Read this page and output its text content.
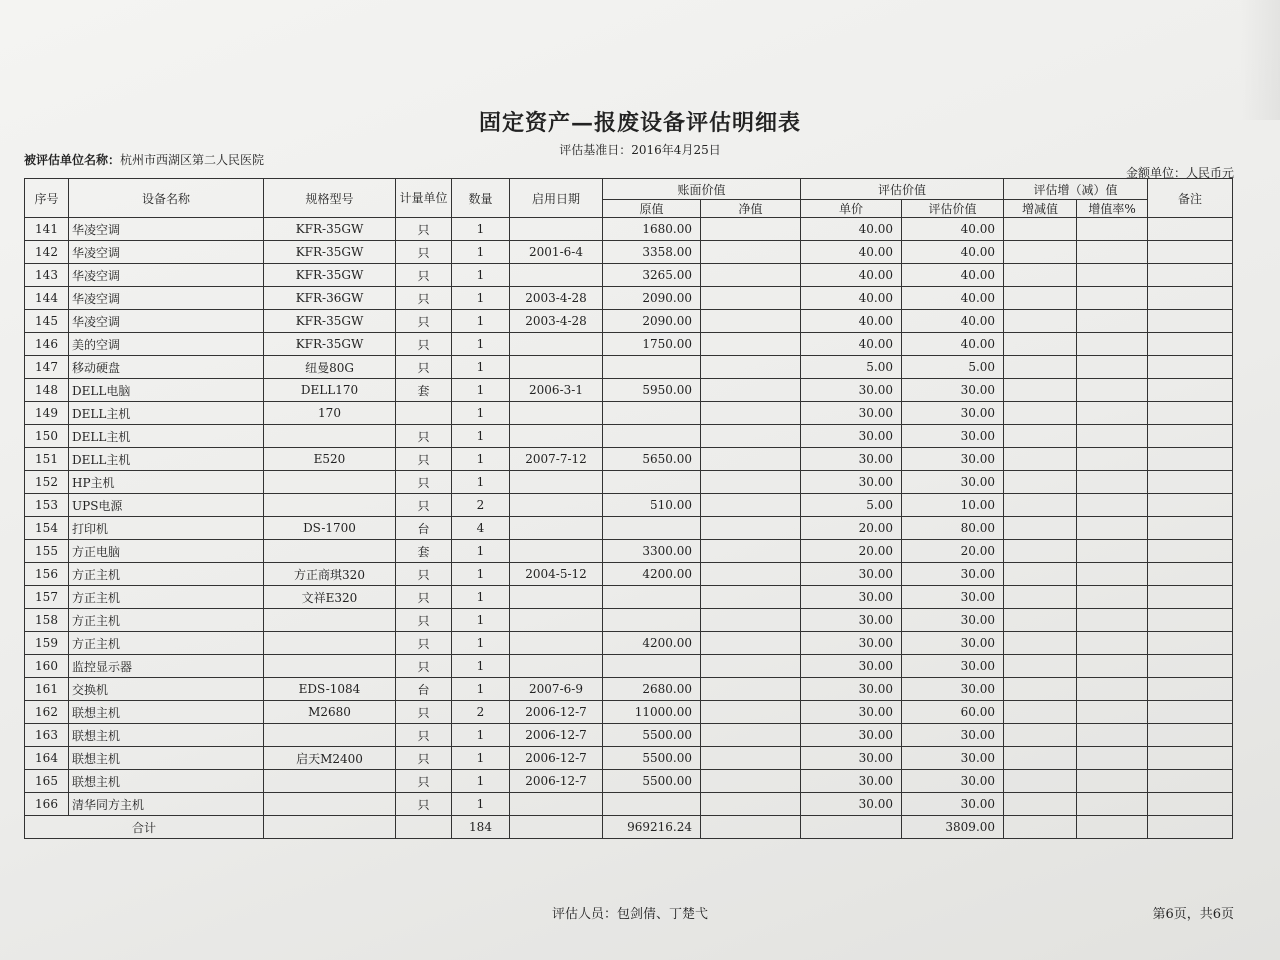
固定资产—报废设备评估明细表
评估基准日：2016年4月25日
被评估单位名称：杭州市西湖区第二人民医院
金额单位：人民币元
序号	设备名称	规格型号	计量单位	数量	启用日期	账面价值		评估价值		评估增（减）值		备注
						原值	净值	单价	评估价值	增减值	增值率%	
141	华凌空调	KFR-35GW	只	1		1680.00		40.00	40.00			
142	华凌空调	KFR-35GW	只	1	2001-6-4	3358.00		40.00	40.00			
143	华凌空调	KFR-35GW	只	1		3265.00		40.00	40.00			
144	华凌空调	KFR-36GW	只	1	2003-4-28	2090.00		40.00	40.00			
145	华凌空调	KFR-35GW	只	1	2003-4-28	2090.00		40.00	40.00			
146	美的空调	KFR-35GW	只	1		1750.00		40.00	40.00			
147	移动硬盘	纽曼80G	只	1				5.00	5.00			
148	DELL电脑	DELL170	套	1	2006-3-1	5950.00		30.00	30.00			
149	DELL主机	170		1				30.00	30.00			
150	DELL主机		只	1				30.00	30.00			
151	DELL主机	E520	只	1	2007-7-12	5650.00		30.00	30.00			
152	HP主机		只	1				30.00	30.00			
153	UPS电源		只	2		510.00		5.00	10.00			
154	打印机	DS-1700	台	4				20.00	80.00			
155	方正电脑		套	1		3300.00		20.00	20.00			
156	方正主机	方正商琪320	只	1	2004-5-12	4200.00		30.00	30.00			
157	方正主机	文祥E320	只	1				30.00	30.00			
158	方正主机		只	1				30.00	30.00			
159	方正主机		只	1		4200.00		30.00	30.00			
160	监控显示器		只	1				30.00	30.00			
161	交换机	EDS-1084	台	1	2007-6-9	2680.00		30.00	30.00			
162	联想主机	M2680	只	2	2006-12-7	11000.00		30.00	60.00			
163	联想主机		只	1	2006-12-7	5500.00		30.00	30.00			
164	联想主机	启天M2400	只	1	2006-12-7	5500.00		30.00	30.00			
165	联想主机		只	1	2006-12-7	5500.00		30.00	30.00			
166	清华同方主机		只	1				30.00	30.00			
合计				184		969216.24			3809.00			
评估人员：包剑倩、丁楚弋	第6页，共6页
